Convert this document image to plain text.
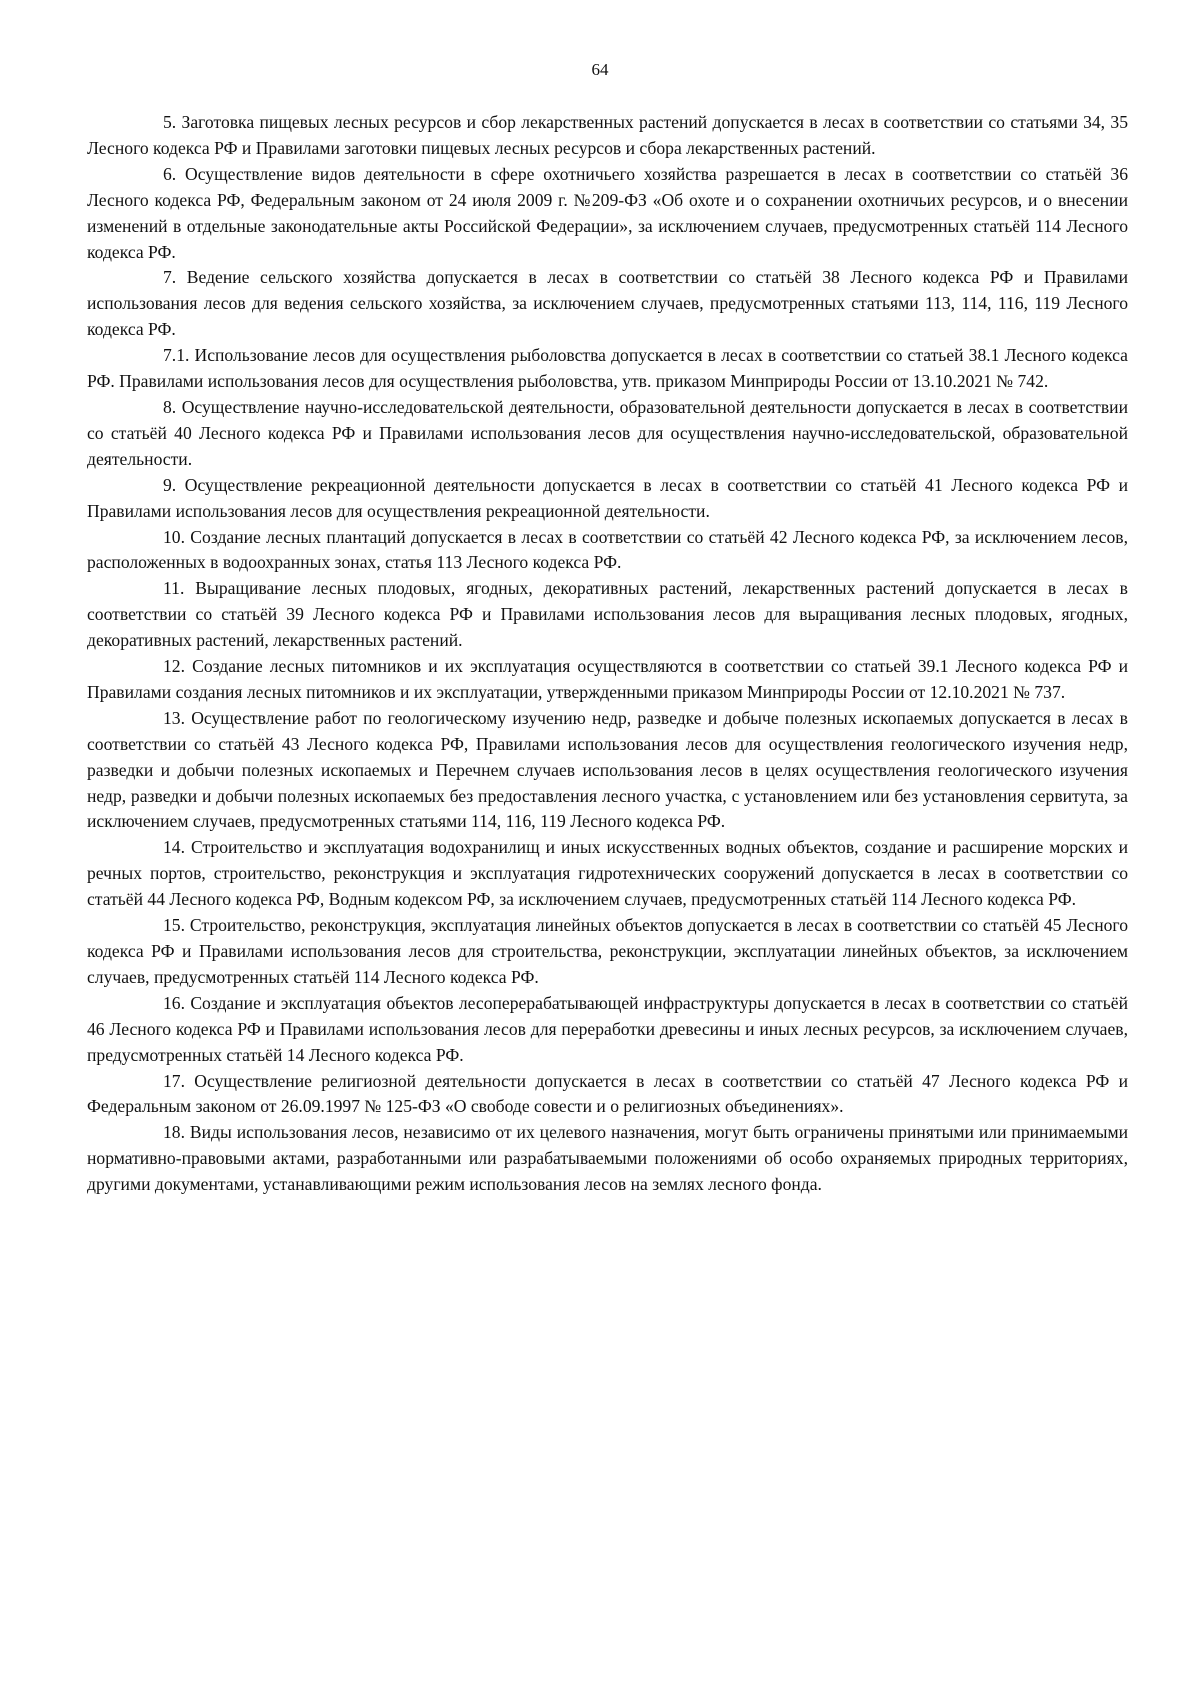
64

5. Заготовка пищевых лесных ресурсов и сбор лекарственных растений допускается в лесах в соответствии со статьями 34, 35 Лесного кодекса РФ и Правилами заготовки пищевых лесных ресурсов и сбора лекарственных растений.

6. Осуществление видов деятельности в сфере охотничьего хозяйства разрешается в лесах в соответствии со статьёй 36 Лесного кодекса РФ, Федеральным законом от 24 июля 2009 г. №209-ФЗ «Об охоте и о сохранении охотничьих ресурсов, и о внесении изменений в отдельные законодательные акты Российской Федерации», за исключением случаев, предусмотренных статьёй 114 Лесного кодекса РФ.

7. Ведение сельского хозяйства допускается в лесах в соответствии со статьёй 38 Лесного кодекса РФ и Правилами использования лесов для ведения сельского хозяйства, за исключением случаев, предусмотренных статьями 113, 114, 116, 119 Лесного кодекса РФ.

7.1. Использование лесов для осуществления рыболовства допускается в лесах в соответствии со статьей 38.1 Лесного кодекса РФ. Правилами использования лесов для осуществления рыболовства, утв. приказом Минприроды России от 13.10.2021 № 742.

8. Осуществление научно-исследовательской деятельности, образовательной деятельности допускается в лесах в соответствии со статьёй 40 Лесного кодекса РФ и Правилами использования лесов для осуществления научно-исследовательской, образовательной деятельности.

9. Осуществление рекреационной деятельности допускается в лесах в соответствии со статьёй 41 Лесного кодекса РФ и Правилами использования лесов для осуществления рекреационной деятельности.

10. Создание лесных плантаций допускается в лесах в соответствии со статьёй 42 Лесного кодекса РФ, за исключением лесов, расположенных в водоохранных зонах, статья 113 Лесного кодекса РФ.

11. Выращивание лесных плодовых, ягодных, декоративных растений, лекарственных растений допускается в лесах в соответствии со статьёй 39 Лесного кодекса РФ и Правилами использования лесов для выращивания лесных плодовых, ягодных, декоративных растений, лекарственных растений.

12. Создание лесных питомников и их эксплуатация осуществляются в соответствии со статьей 39.1 Лесного кодекса РФ и Правилами создания лесных питомников и их эксплуатации, утвержденными приказом Минприроды России от 12.10.2021 № 737.

13. Осуществление работ по геологическому изучению недр, разведке и добыче полезных ископаемых допускается в лесах в соответствии со статьёй 43 Лесного кодекса РФ, Правилами использования лесов для осуществления геологического изучения недр, разведки и добычи полезных ископаемых и Перечнем случаев использования лесов в целях осуществления геологического изучения недр, разведки и добычи полезных ископаемых без предоставления лесного участка, с установлением или без установления сервитута, за исключением случаев, предусмотренных статьями 114, 116, 119 Лесного кодекса РФ.

14. Строительство и эксплуатация водохранилищ и иных искусственных водных объектов, создание и расширение морских и речных портов, строительство, реконструкция и эксплуатация гидротехнических сооружений допускается в лесах в соответствии со статьёй 44 Лесного кодекса РФ, Водным кодексом РФ, за исключением случаев, предусмотренных статьёй 114 Лесного кодекса РФ.

15. Строительство, реконструкция, эксплуатация линейных объектов допускается в лесах в соответствии со статьёй 45 Лесного кодекса РФ и Правилами использования лесов для строительства, реконструкции, эксплуатации линейных объектов, за исключением случаев, предусмотренных статьёй 114 Лесного кодекса РФ.

16. Создание и эксплуатация объектов лесоперерабатывающей инфраструктуры допускается в лесах в соответствии со статьёй 46 Лесного кодекса РФ и Правилами использования лесов для переработки древесины и иных лесных ресурсов, за исключением случаев, предусмотренных статьёй 14 Лесного кодекса РФ.

17. Осуществление религиозной деятельности допускается в лесах в соответствии со статьёй 47 Лесного кодекса РФ и Федеральным законом от 26.09.1997 № 125-ФЗ «О свободе совести и о религиозных объединениях».

18. Виды использования лесов, независимо от их целевого назначения, могут быть ограничены принятыми или принимаемыми нормативно-правовыми актами, разработанными или разрабатываемыми положениями об особо охраняемых природных территориях, другими документами, устанавливающими режим использования лесов на землях лесного фонда.
